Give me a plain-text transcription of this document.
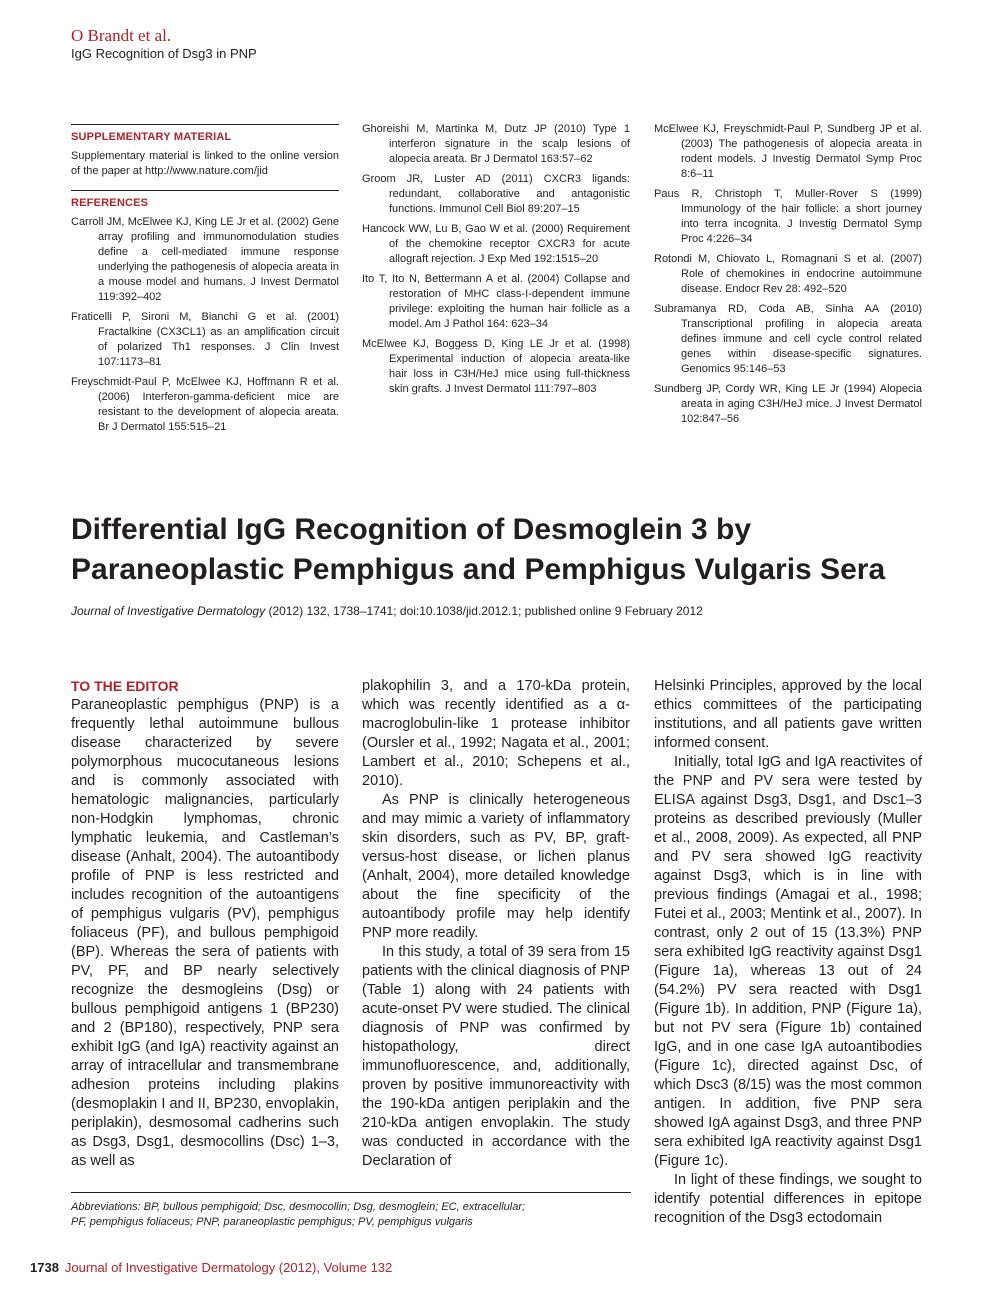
O Brandt et al.
IgG Recognition of Dsg3 in PNP
SUPPLEMENTARY MATERIAL
Supplementary material is linked to the online version of the paper at http://www.nature.com/jid
REFERENCES

Carroll JM, McElwee KJ, King LE Jr et al. (2002) Gene array profiling and immunomodulation studies define a cell-mediated immune response underlying the pathogenesis of alopecia areata in a mouse model and humans. J Invest Dermatol 119:392–402

Fraticelli P, Sironi M, Bianchi G et al. (2001) Fractalkine (CX3CL1) as an amplification circuit of polarized Th1 responses. J Clin Invest 107:1173–81

Freyschmidt-Paul P, McElwee KJ, Hoffmann R et al. (2006) Interferon-gamma-deficient mice are resistant to the development of alopecia areata. Br J Dermatol 155:515–21

Ghoreishi M, Martinka M, Dutz JP (2010) Type 1 interferon signature in the scalp lesions of alopecia areata. Br J Dermatol 163:57–62

Groom JR, Luster AD (2011) CXCR3 ligands: redundant, collaborative and antagonistic functions. Immunol Cell Biol 89:207–15

Hancock WW, Lu B, Gao W et al. (2000) Requirement of the chemokine receptor CXCR3 for acute allograft rejection. J Exp Med 192:1515–20

Ito T, Ito N, Bettermann A et al. (2004) Collapse and restoration of MHC class-I-dependent immune privilege: exploiting the human hair follicle as a model. Am J Pathol 164: 623–34

McElwee KJ, Boggess D, King LE Jr et al. (1998) Experimental induction of alopecia areata-like hair loss in C3H/HeJ mice using full-thickness skin grafts. J Invest Dermatol 111:797–803

McElwee KJ, Freyschmidt-Paul P, Sundberg JP et al. (2003) The pathogenesis of alopecia areata in rodent models. J Investig Dermatol Symp Proc 8:6–11

Paus R, Christoph T, Muller-Rover S (1999) Immunology of the hair follicle: a short journey into terra incognita. J Investig Dermatol Symp Proc 4:226–34

Rotondi M, Chiovato L, Romagnani S et al. (2007) Role of chemokines in endocrine autoimmune disease. Endocr Rev 28: 492–520

Subramanya RD, Coda AB, Sinha AA (2010) Transcriptional profiling in alopecia areata defines immune and cell cycle control related genes within disease-specific signatures. Genomics 95:146–53

Sundberg JP, Cordy WR, King LE Jr (1994) Alopecia areata in aging C3H/HeJ mice. J Invest Dermatol 102:847–56

Differential IgG Recognition of Desmoglein 3 by
Paraneoplastic Pemphigus and Pemphigus Vulgaris Sera
Journal of Investigative Dermatology (2012) 132, 1738–1741; doi:10.1038/jid.2012.1; published online 9 February 2012
TO THE EDITOR

Paraneoplastic pemphigus (PNP) is a frequently lethal autoimmune bullous disease characterized by severe polymorphous mucocutaneous lesions and is commonly associated with hematologic malignancies, particularly non-Hodgkin lymphomas, chronic lymphatic leukemia, and Castleman’s disease (Anhalt, 2004). The autoantibody profile of PNP is less restricted and includes recognition of the autoantigens of pemphigus vulgaris (PV), pemphigus foliaceus (PF), and bullous pemphigoid (BP). Whereas the sera of patients with PV, PF, and BP nearly selectively recognize the desmogleins (Dsg) or bullous pemphigoid antigens 1 (BP230) and 2 (BP180), respectively, PNP sera exhibit IgG (and IgA) reactivity against an array of intracellular and transmembrane adhesion proteins including plakins (desmoplakin I and II, BP230, envoplakin, periplakin), desmosomal cadherins such as Dsg3, Dsg1, desmocollins (Dsc) 1–3, as well as

plakophilin 3, and a 170-kDa protein, which was recently identified as a α-macroglobulin-like 1 protease inhibitor (Oursler et al., 1992; Nagata et al., 2001; Lambert et al., 2010; Schepens et al., 2010).

As PNP is clinically heterogeneous and may mimic a variety of inflammatory skin disorders, such as PV, BP, graft-versus-host disease, or lichen planus (Anhalt, 2004), more detailed knowledge about the fine specificity of the autoantibody profile may help identify PNP more readily.

In this study, a total of 39 sera from 15 patients with the clinical diagnosis of PNP (Table 1) along with 24 patients with acute-onset PV were studied. The clinical diagnosis of PNP was confirmed by histopathology, direct immunofluorescence, and, additionally, proven by positive immunoreactivity with the 190-kDa antigen periplakin and the 210-kDa antigen envoplakin. The study was conducted in accordance with the Declaration of

Helsinki Principles, approved by the local ethics committees of the participating institutions, and all patients gave written informed consent.

Initially, total IgG and IgA reactivites of the PNP and PV sera were tested by ELISA against Dsg3, Dsg1, and Dsc1–3 proteins as described previously (Muller et al., 2008, 2009). As expected, all PNP and PV sera showed IgG reactivity against Dsg3, which is in line with previous findings (Amagai et al., 1998; Futei et al., 2003; Mentink et al., 2007). In contrast, only 2 out of 15 (13.3%) PNP sera exhibited IgG reactivity against Dsg1 (Figure 1a), whereas 13 out of 24 (54.2%) PV sera reacted with Dsg1 (Figure 1b). In addition, PNP (Figure 1a), but not PV sera (Figure 1b) contained IgG, and in one case IgA autoantibodies (Figure 1c), directed against Dsc, of which Dsc3 (8/15) was the most common antigen. In addition, five PNP sera showed IgA against Dsg3, and three PNP sera exhibited IgA reactivity against Dsg1 (Figure 1c).

In light of these findings, we sought to identify potential differences in epitope recognition of the Dsg3 ectodomain

Abbreviations: BP, bullous pemphigoid; Dsc, desmocollin; Dsg, desmoglein; EC, extracellular;
PF, pemphigus foliaceus; PNP, paraneoplastic pemphigus; PV, pemphigus vulgaris
1738 Journal of Investigative Dermatology (2012), Volume 132
